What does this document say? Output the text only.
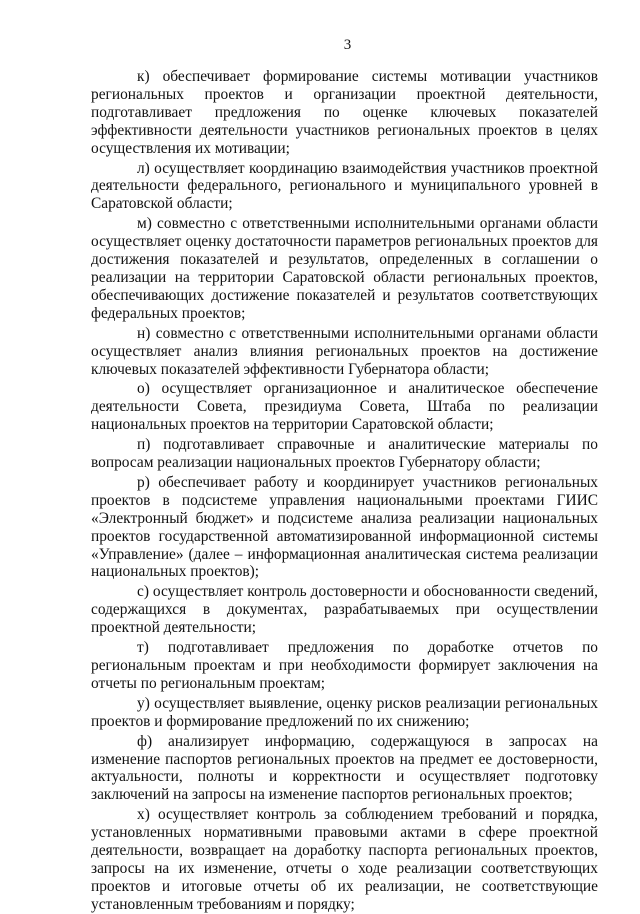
3

к) обеспечивает формирование системы мотивации участников региональных проектов и организации проектной деятельности, подготавливает предложения по оценке ключевых показателей эффективности деятельности участников региональных проектов в целях осуществления их мотивации;

л) осуществляет координацию взаимодействия участников проектной деятельности федерального, регионального и муниципального уровней в Саратовской области;

м) совместно с ответственными исполнительными органами области осуществляет оценку достаточности параметров региональных проектов для достижения показателей и результатов, определенных в соглашении о реализации на территории Саратовской области региональных проектов, обеспечивающих достижение показателей и результатов соответствующих федеральных проектов;

н) совместно с ответственными исполнительными органами области осуществляет анализ влияния региональных проектов на достижение ключевых показателей эффективности Губернатора области;

о) осуществляет организационное и аналитическое обеспечение деятельности Совета, президиума Совета, Штаба по реализации национальных проектов на территории Саратовской области;

п) подготавливает справочные и аналитические материалы по вопросам реализации национальных проектов Губернатору области;

р) обеспечивает работу и координирует участников региональных проектов в подсистеме управления национальными проектами ГИИС «Электронный бюджет» и подсистеме анализа реализации национальных проектов государственной автоматизированной информационной системы «Управление» (далее – информационная аналитическая система реализации национальных проектов);

с) осуществляет контроль достоверности и обоснованности сведений, содержащихся в документах, разрабатываемых при осуществлении проектной деятельности;

т) подготавливает предложения по доработке отчетов по региональным проектам и при необходимости формирует заключения на отчеты по региональным проектам;

у) осуществляет выявление, оценку рисков реализации региональных проектов и формирование предложений по их снижению;

ф) анализирует информацию, содержащуюся в запросах на изменение паспортов региональных проектов на предмет ее достоверности, актуальности, полноты и корректности и осуществляет подготовку заключений на запросы на изменение паспортов региональных проектов;

х) осуществляет контроль за соблюдением требований и порядка, установленных нормативными правовыми актами в сфере проектной деятельности, возвращает на доработку паспорта региональных проектов, запросы на их изменение, отчеты о ходе реализации соответствующих проектов и итоговые отчеты об их реализации, не соответствующие установленным требованиям и порядку;
